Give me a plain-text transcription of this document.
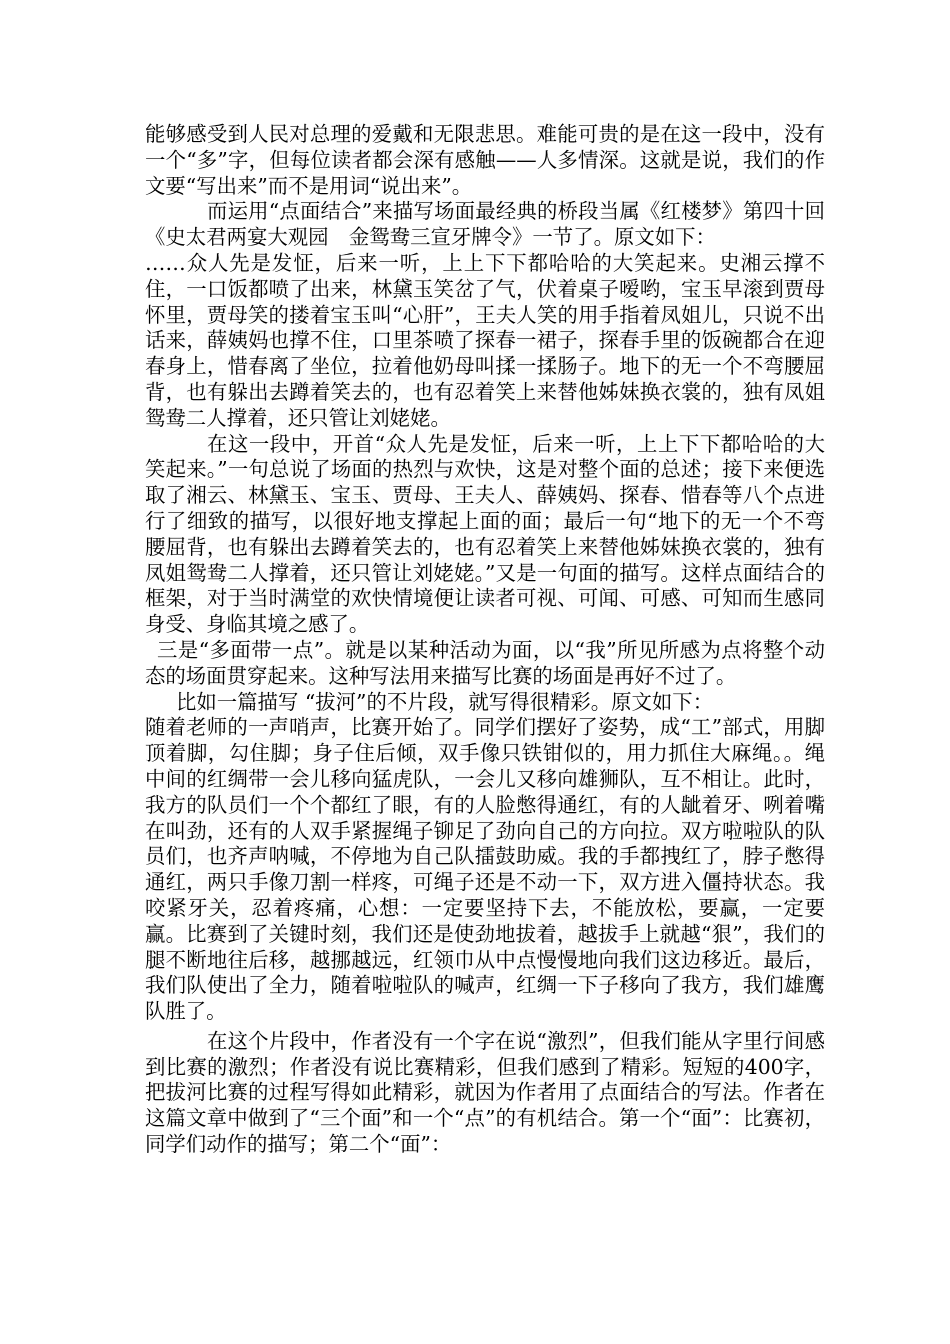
能够感受到人民对总理的爱戴和无限悲思。难能可贵的是在这一段中，没有一个“多”字，但每位读者都会深有感触——人多情深。这就是说，我们的作文要“写出来”而不是用词“说出来”。

而运用“点面结合”来描写场面最经典的桥段当属《红楼梦》第四十回《史太君两宴大观园　金鸳鸯三宣牙牌令》一节了。原文如下：

……众人先是发怔，后来一听，上上下下都哈哈的大笑起来。史湘云撑不住，一口饭都喷了出来，林黛玉笑岔了气，伏着桌子嗳哟，宝玉早滚到贾母怀里，贾母笑的搂着宝玉叫“心肝”，王夫人笑的用手指着凤姐儿，只说不出话来，薛姨妈也撑不住，口里茶喷了探春一裙子，探春手里的饭碗都合在迎春身上，惜春离了坐位，拉着他奶母叫揉一揉肠子。地下的无一个不弯腰屈背，也有躲出去蹲着笑去的，也有忍着笑上来替他姊妹换衣裳的，独有凤姐鸳鸯二人撑着，还只管让刘姥姥。

在这一段中，开首“众人先是发怔，后来一听，上上下下都哈哈的大笑起来。”一句总说了场面的热烈与欢快，这是对整个面的总述；接下来便选取了湘云、林黛玉、宝玉、贾母、王夫人、薛姨妈、探春、惜春等八个点进行了细致的描写，以很好地支撑起上面的面；最后一句“地下的无一个不弯腰屈背，也有躲出去蹲着笑去的，也有忍着笑上来替他姊妹换衣裳的，独有凤姐鸳鸯二人撑着，还只管让刘姥姥。”又是一句面的描写。这样点面结合的框架，对于当时满堂的欢快情境便让读者可视、可闻、可感、可知而生感同身受、身临其境之感了。

三是“多面带一点”。就是以某种活动为面，以“我”所见所感为点将整个动态的场面贯穿起来。这种写法用来描写比赛的场面是再好不过了。

比如一篇描写 “拔河”的不片段，就写得很精彩。原文如下：

随着老师的一声哨声，比赛开始了。同学们摆好了姿势，成“工”部式，用脚顶着脚，勾住脚；身子住后倾，双手像只铁钳似的，用力抓住大麻绳。。绳中间的红绸带一会儿移向猛虎队，一会儿又移向雄狮队，互不相让。此时，我方的队员们一个个都红了眼，有的人脸憋得通红，有的人龇着牙、咧着嘴在叫劲，还有的人双手紧握绳子铆足了劲向自己的方向拉。双方啦啦队的队员们，也齐声呐喊，不停地为自己队擂鼓助威。我的手都拽红了，脖子憋得通红，两只手像刀割一样疼，可绳子还是不动一下，双方进入僵持状态。我咬紧牙关，忍着疼痛，心想：一定要坚持下去，不能放松，要赢，一定要赢。比赛到了关键时刻，我们还是使劲地拔着，越拔手上就越“狠”，我们的腿不断地往后移，越挪越远，红领巾从中点慢慢地向我们这边移近。最后，我们队使出了全力，随着啦啦队的喊声，红绸一下子移向了我方，我们雄鹰队胜了。

在这个片段中，作者没有一个字在说“激烈”，但我们能从字里行间感到比赛的激烈；作者没有说比赛精彩，但我们感到了精彩。短短的400字，把拔河比赛的过程写得如此精彩，就因为作者用了点面结合的写法。作者在这篇文章中做到了“三个面”和一个“点”的有机结合。第一个“面”：比赛初，同学们动作的描写；第二个“面”：
